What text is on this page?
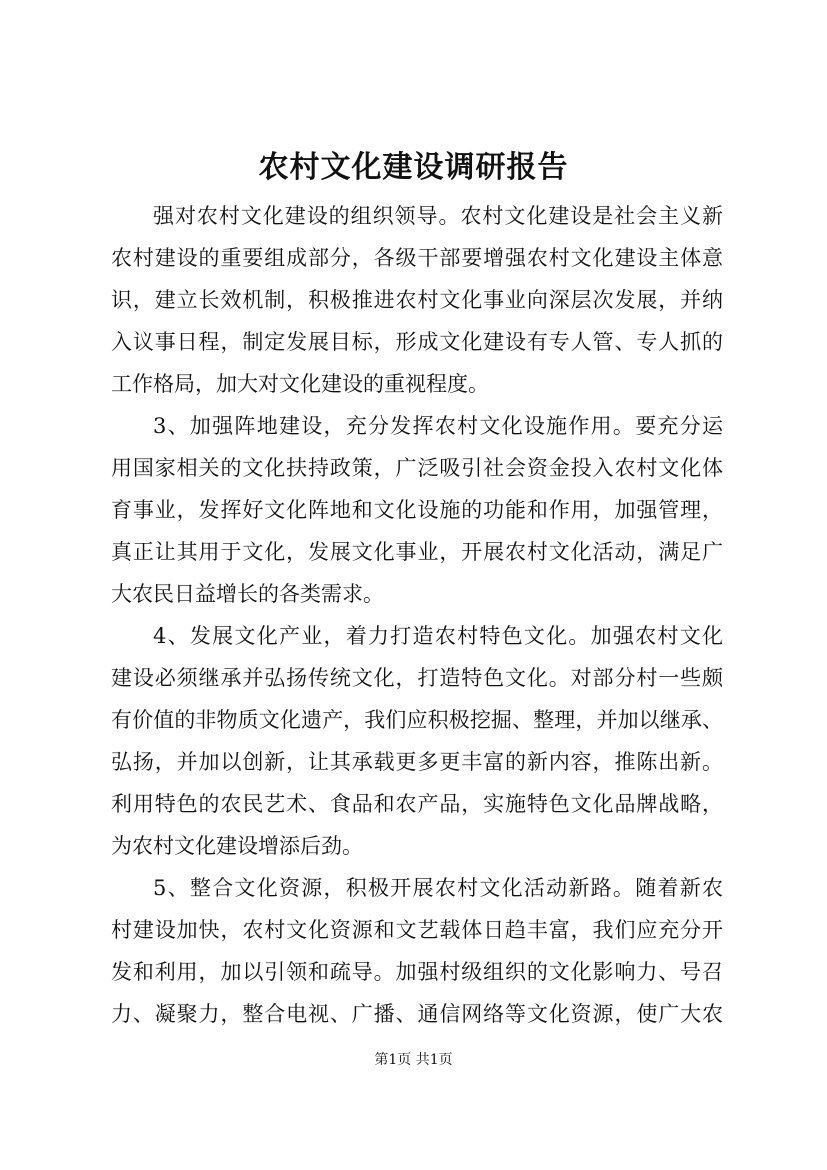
农村文化建设调研报告
强对农村文化建设的组织领导。农村文化建设是社会主义新
农村建设的重要组成部分，各级干部要增强农村文化建设主体意
识，建立长效机制，积极推进农村文化事业向深层次发展，并纳
入议事日程，制定发展目标，形成文化建设有专人管、专人抓的
工作格局，加大对文化建设的重视程度。
3、加强阵地建设，充分发挥农村文化设施作用。要充分运
用国家相关的文化扶持政策，广泛吸引社会资金投入农村文化体
育事业，发挥好文化阵地和文化设施的功能和作用，加强管理，
真正让其用于文化，发展文化事业，开展农村文化活动，满足广
大农民日益增长的各类需求。
4、发展文化产业，着力打造农村特色文化。加强农村文化
建设必须继承并弘扬传统文化，打造特色文化。对部分村一些颇
有价值的非物质文化遗产，我们应积极挖掘、整理，并加以继承、
弘扬，并加以创新，让其承载更多更丰富的新内容，推陈出新。
利用特色的农民艺术、食品和农产品，实施特色文化品牌战略，
为农村文化建设增添后劲。
5、整合文化资源，积极开展农村文化活动新路。随着新农
村建设加快，农村文化资源和文艺载体日趋丰富，我们应充分开
发和利用，加以引领和疏导。加强村级组织的文化影响力、号召
力、凝聚力，整合电视、广播、通信网络等文化资源，使广大农
第1页 共1页
